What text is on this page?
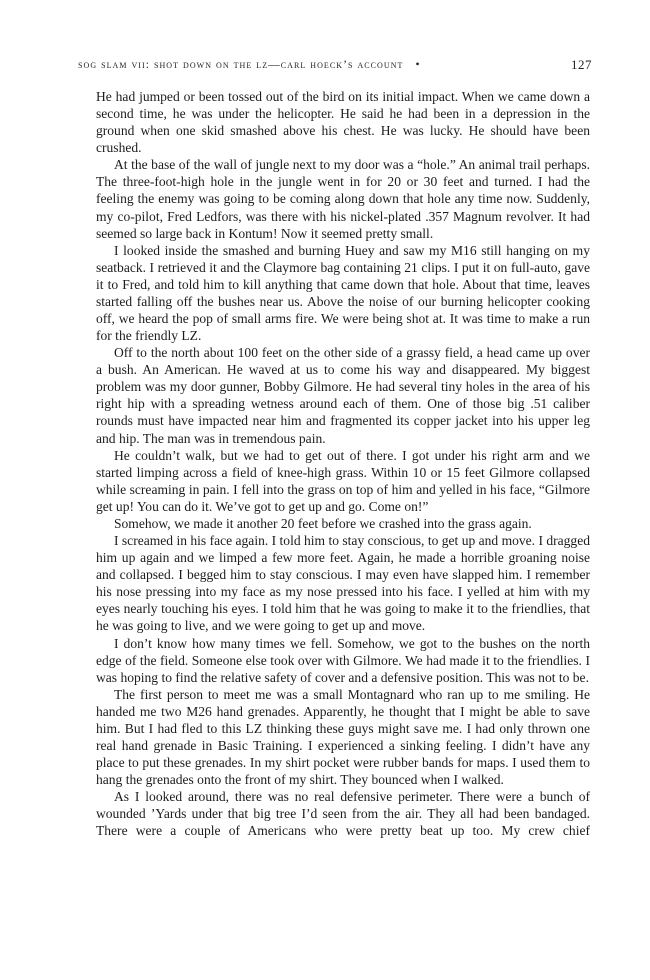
sog slam vii: shot down on the lz—carl hoeck’s account •	127

He had jumped or been tossed out of the bird on its initial impact. When we came down a second time, he was under the helicopter. He said he had been in a depression in the ground when one skid smashed above his chest. He was lucky. He should have been crushed.

At the base of the wall of jungle next to my door was a “hole.” An animal trail perhaps. The three-foot-high hole in the jungle went in for 20 or 30 feet and turned. I had the feeling the enemy was going to be coming along down that hole any time now. Suddenly, my co-pilot, Fred Ledfors, was there with his nickel-plated .357 Magnum revolver. It had seemed so large back in Kontum! Now it seemed pretty small.

I looked inside the smashed and burning Huey and saw my M16 still hanging on my seatback. I retrieved it and the Claymore bag containing 21 clips. I put it on full-auto, gave it to Fred, and told him to kill anything that came down that hole. About that time, leaves started falling off the bushes near us. Above the noise of our burning helicopter cooking off, we heard the pop of small arms fire. We were being shot at. It was time to make a run for the friendly LZ.

Off to the north about 100 feet on the other side of a grassy field, a head came up over a bush. An American. He waved at us to come his way and disappeared. My biggest problem was my door gunner, Bobby Gilmore. He had several tiny holes in the area of his right hip with a spreading wetness around each of them. One of those big .51 caliber rounds must have impacted near him and fragmented its copper jacket into his upper leg and hip. The man was in tremendous pain.

He couldn’t walk, but we had to get out of there. I got under his right arm and we started limping across a field of knee-high grass. Within 10 or 15 feet Gilmore collapsed while screaming in pain. I fell into the grass on top of him and yelled in his face, “Gilmore get up! You can do it. We’ve got to get up and go. Come on!”

Somehow, we made it another 20 feet before we crashed into the grass again.

I screamed in his face again. I told him to stay conscious, to get up and move. I dragged him up again and we limped a few more feet. Again, he made a horrible groaning noise and collapsed. I begged him to stay conscious. I may even have slapped him. I remember his nose pressing into my face as my nose pressed into his face. I yelled at him with my eyes nearly touching his eyes. I told him that he was going to make it to the friendlies, that he was going to live, and we were going to get up and move.

I don’t know how many times we fell. Somehow, we got to the bushes on the north edge of the field. Someone else took over with Gilmore. We had made it to the friendlies. I was hoping to find the relative safety of cover and a defensive position. This was not to be.

The first person to meet me was a small Montagnard who ran up to me smiling. He handed me two M26 hand grenades. Apparently, he thought that I might be able to save him. But I had fled to this LZ thinking these guys might save me. I had only thrown one real hand grenade in Basic Training. I experienced a sinking feeling. I didn’t have any place to put these grenades. In my shirt pocket were rubber bands for maps. I used them to hang the grenades onto the front of my shirt. They bounced when I walked.

As I looked around, there was no real defensive perimeter. There were a bunch of wounded ’Yards under that big tree I’d seen from the air. They all had been bandaged. There were a couple of Americans who were pretty beat up too. My crew chief
